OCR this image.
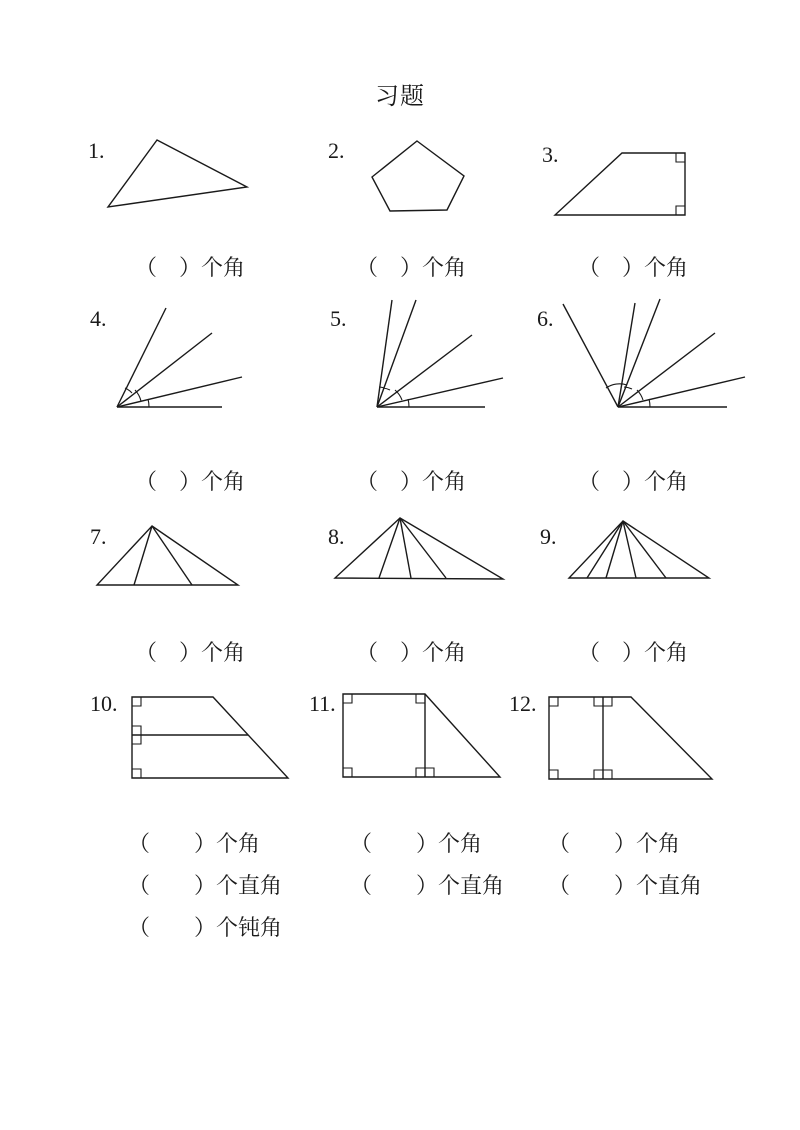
习题
1.	2.	3.
4.	5.	6.
7.	8.	9.
10.	11.	12.
（　）个角	（　）个角	（　）个角
（　）个角	（　）个角	（　）个角
（　）个角	（　）个角	（　）个角
（　　）个角
（　　）个直角
（　　）个钝角
（　　）个角
（　　）个直角
（　　）个角
（　　）个直角
